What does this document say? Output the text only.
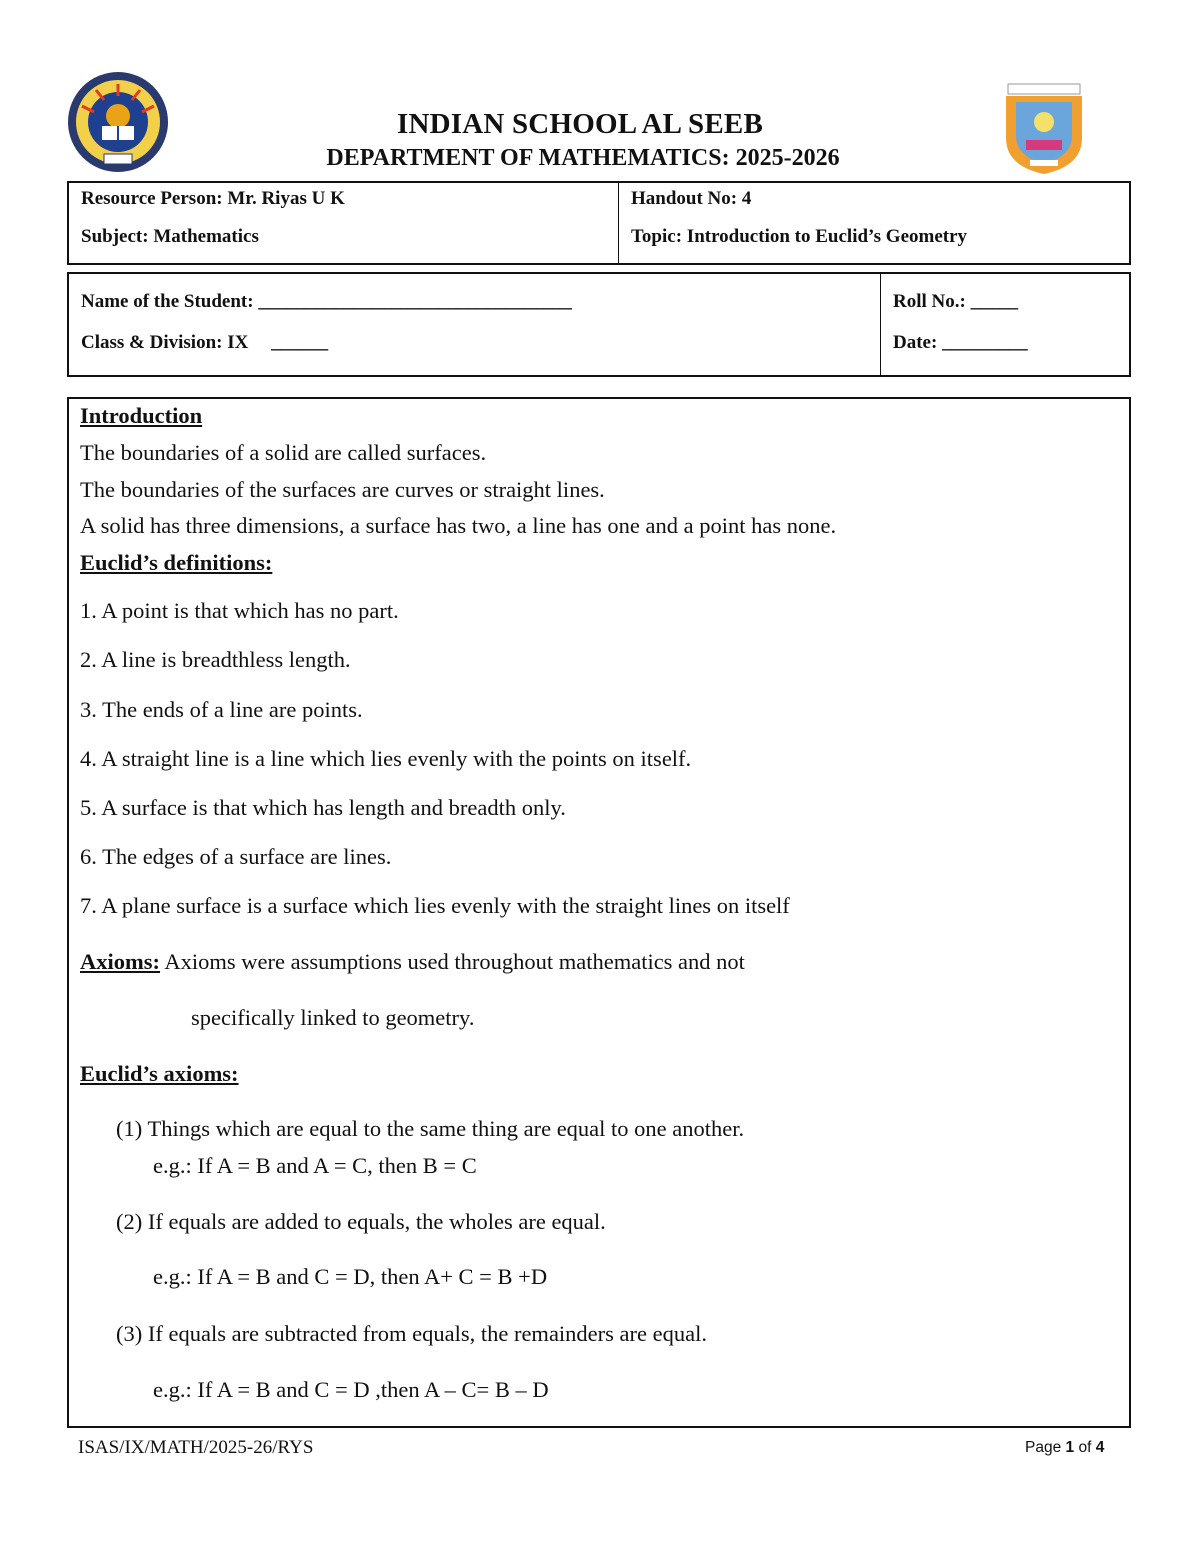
INDIAN SCHOOL AL SEEB
DEPARTMENT OF MATHEMATICS: 2025-2026
Resource Person: Mr. Riyas U K
Subject: Mathematics
Handout No: 4
Topic: Introduction to Euclid’s Geometry
Name of the Student: _________________________________
Class & Division: IX ______
Roll No.: _____
Date: _________
Introduction
The boundaries of a solid are called surfaces.
The boundaries of the surfaces are curves or straight lines.
A solid has three dimensions, a surface has two, a line has one and a point has none.
Euclid’s definitions:
1. A point is that which has no part.
2. A line is breadthless length.
3. The ends of a line are points.
4. A straight line is a line which lies evenly with the points on itself.
5. A surface is that which has length and breadth only.
6. The edges of a surface are lines.
7. A plane surface is a surface which lies evenly with the straight lines on itself
Axioms: Axioms were assumptions used throughout mathematics and not
specifically linked to geometry.
Euclid’s axioms:
(1) Things which are equal to the same thing are equal to one another.
e.g.: If A = B and A = C, then B = C
(2) If equals are added to equals, the wholes are equal.
e.g.: If A = B and C = D, then A+ C = B +D
(3) If equals are subtracted from equals, the remainders are equal.
e.g.: If A = B and C = D ,then A – C= B – D
ISAS/IX/MATH/2025-26/RYS	Page 1 of 4
